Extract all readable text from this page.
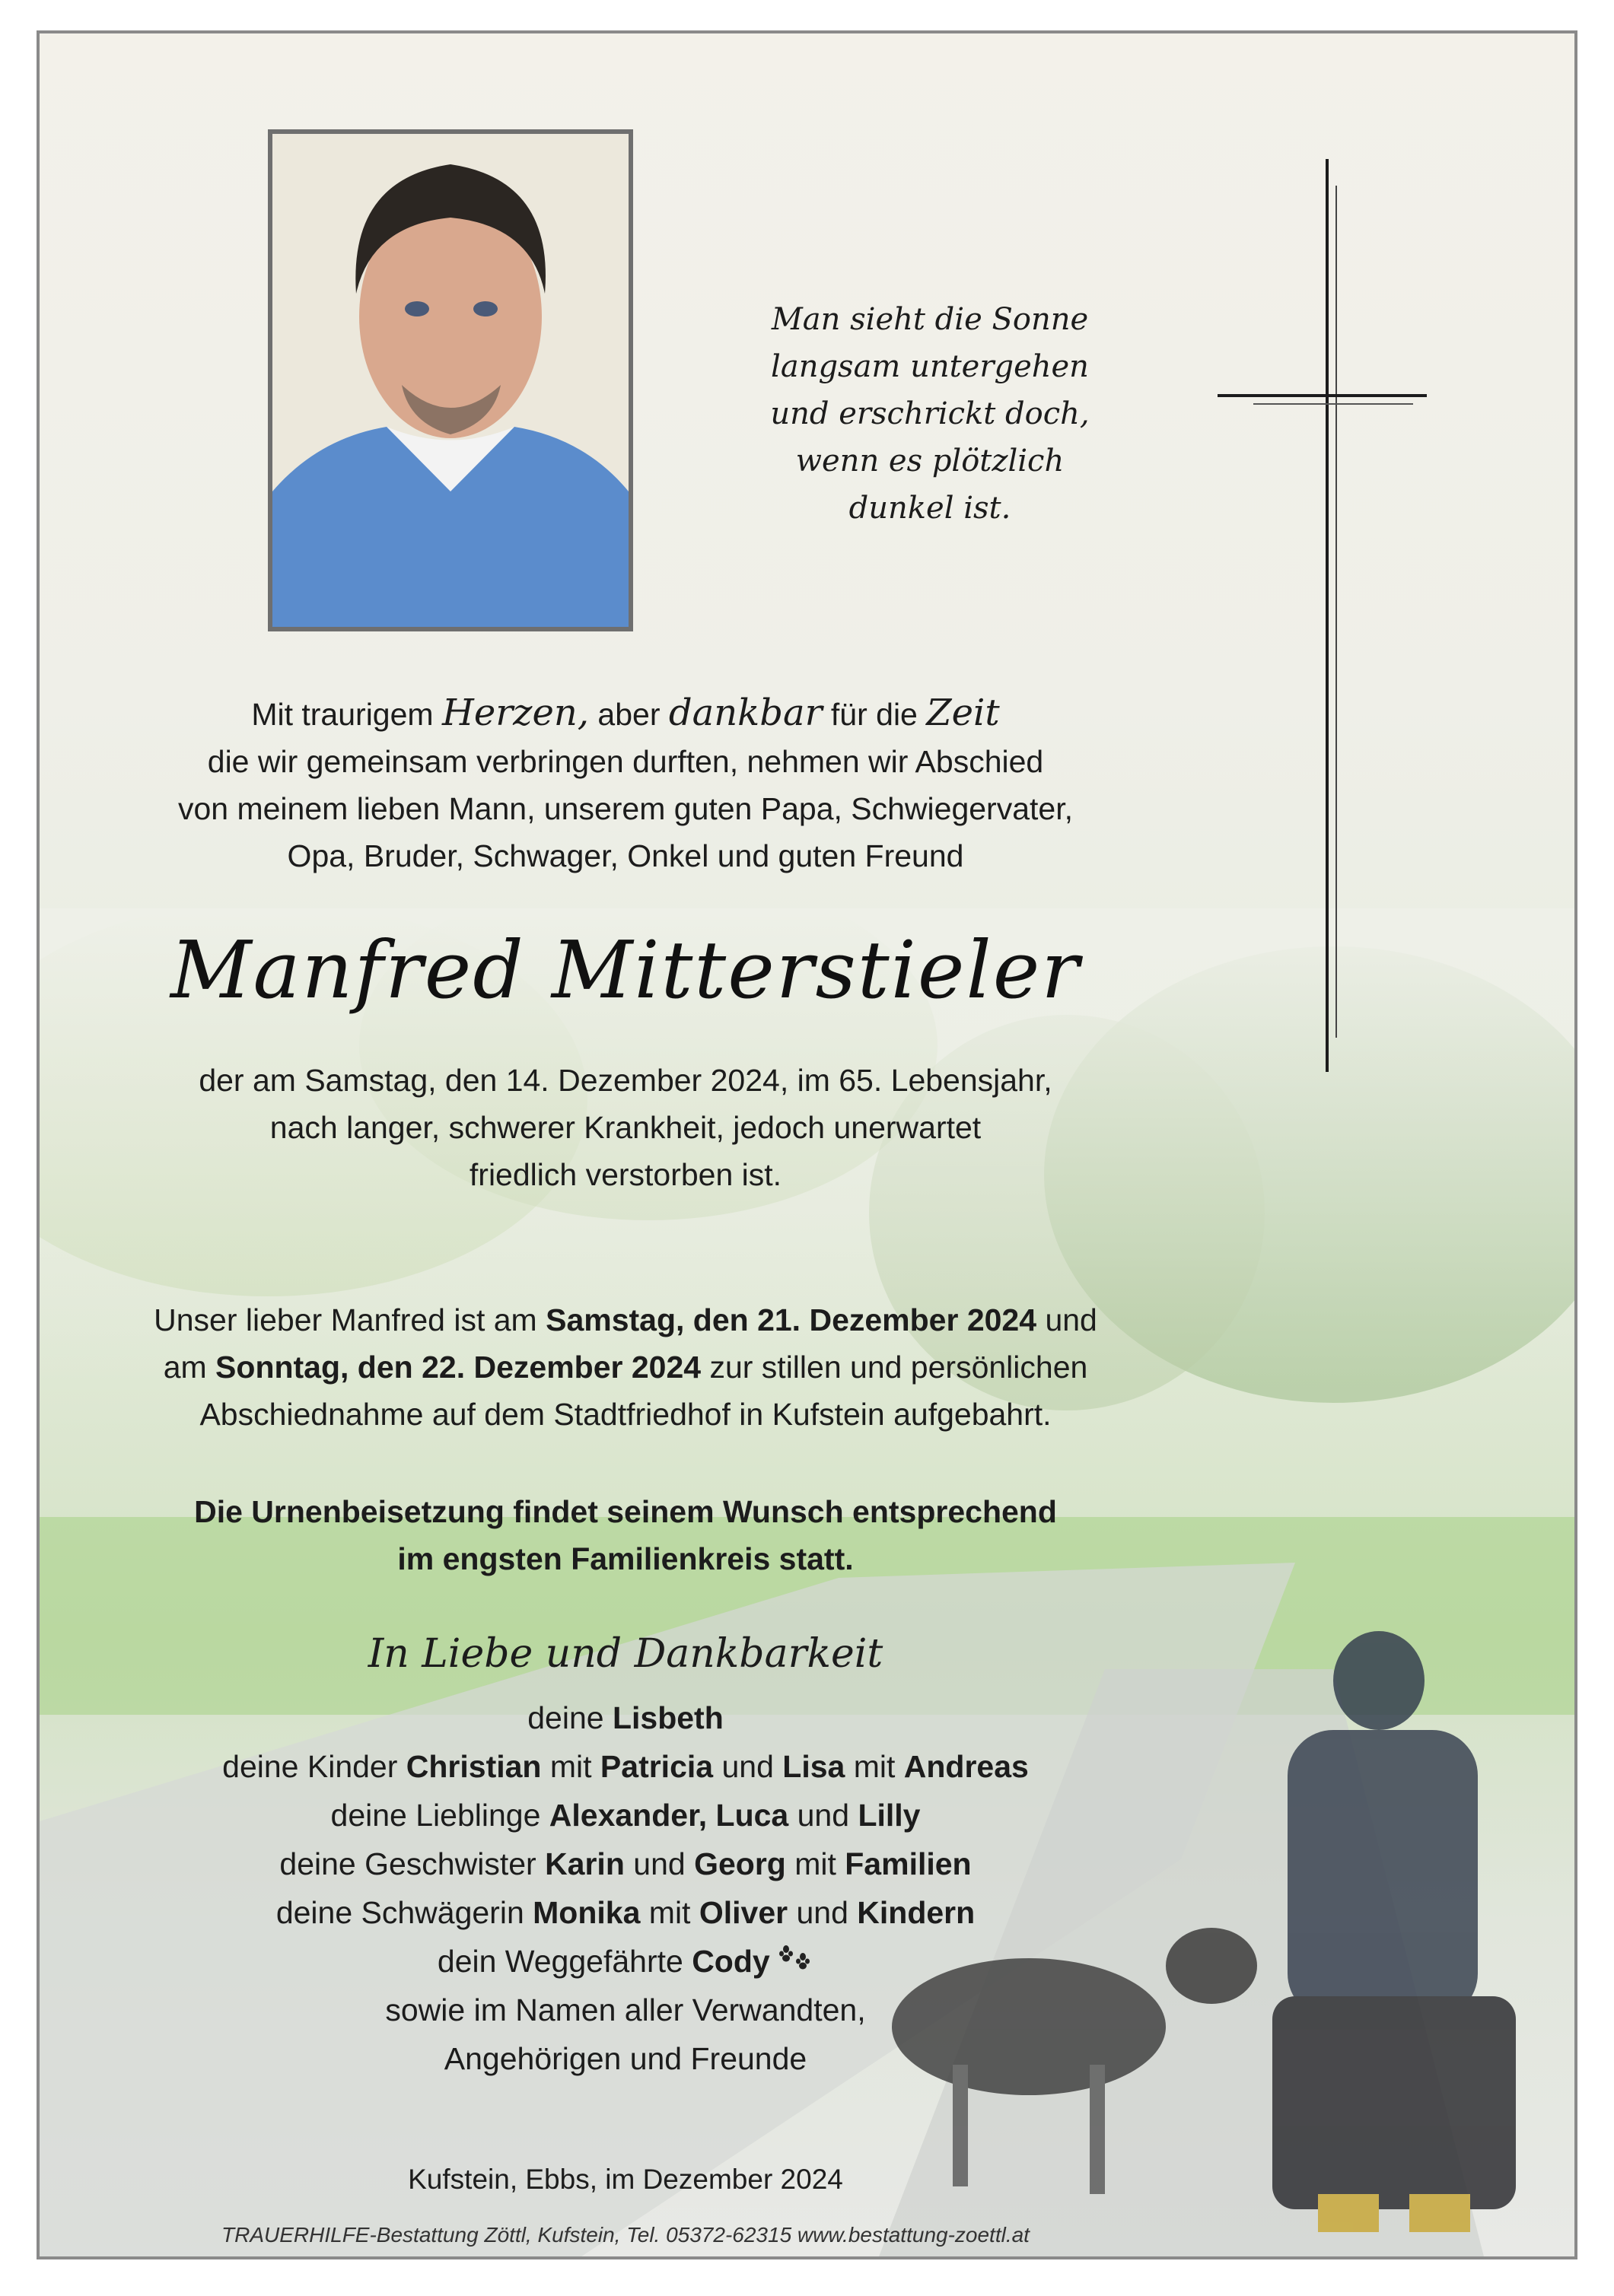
Man sieht die Sonne
langsam untergehen
und erschrickt doch,
wenn es plötzlich
dunkel ist.
Mit traurigem Herzen, aber dankbar für die Zeit
die wir gemeinsam verbringen durften, nehmen wir Abschied
von meinem lieben Mann, unserem guten Papa, Schwiegervater,
Opa, Bruder, Schwager, Onkel und guten Freund
Manfred Mitterstieler
der am Samstag, den 14. Dezember 2024, im 65. Lebensjahr,
nach langer, schwerer Krankheit, jedoch unerwartet
friedlich verstorben ist.
Unser lieber Manfred ist am Samstag, den 21. Dezember 2024 und
am Sonntag, den 22. Dezember 2024 zur stillen und persönlichen
Abschiednahme auf dem Stadtfriedhof in Kufstein aufgebahrt.
Die Urnenbeisetzung findet seinem Wunsch entsprechend
im engsten Familienkreis statt.
In Liebe und Dankbarkeit
deine Lisbeth
deine Kinder Christian mit Patricia und Lisa mit Andreas
deine Lieblinge Alexander, Luca und Lilly
deine Geschwister Karin und Georg mit Familien
deine Schwägerin Monika mit Oliver und Kindern
dein Weggefährte Cody
sowie im Namen aller Verwandten,
Angehörigen und Freunde
Kufstein, Ebbs, im Dezember 2024
TRAUERHILFE-Bestattung Zöttl, Kufstein, Tel. 05372-62315 www.bestattung-zoettl.at
